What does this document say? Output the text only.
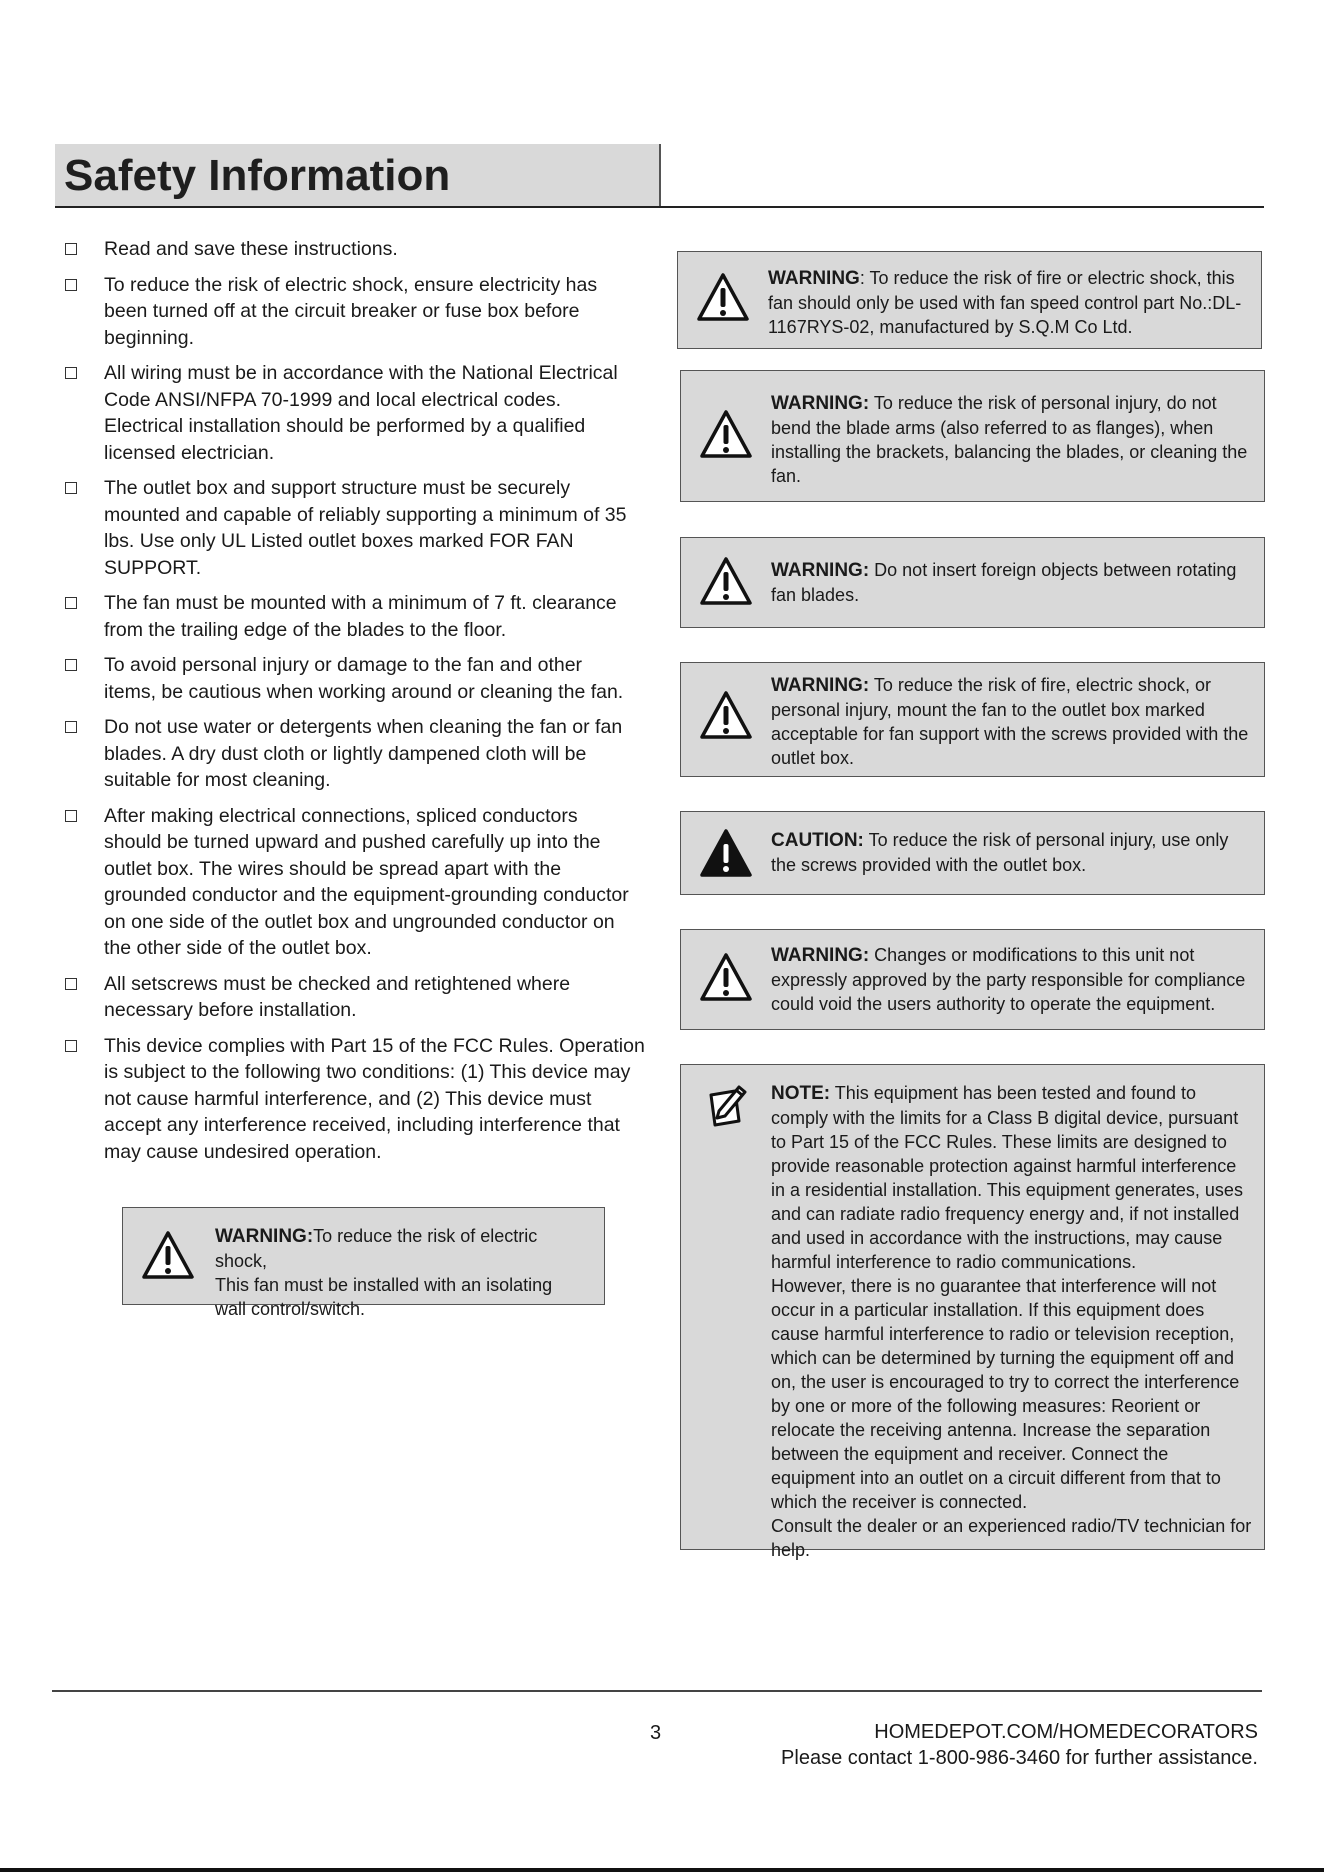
Safety Information
Read and save these instructions.
To reduce the risk of electric shock, ensure electricity has
been turned off at the circuit breaker or fuse box before
beginning.
All wiring must be in accordance with the National Electrical
Code ANSI/NFPA 70-1999 and local electrical codes.
Electrical installation should be performed by a qualified
licensed electrician.
The outlet box and support structure must be securely
mounted and capable of reliably supporting a minimum of 35
lbs. Use only UL Listed outlet boxes marked FOR FAN
SUPPORT.
The fan must be mounted with a minimum of 7 ft. clearance
from the trailing edge of the blades to the floor.
To avoid personal injury or damage to the fan and other
items, be cautious when working around or cleaning the fan.
Do not use water or detergents when cleaning the fan or fan
blades. A dry dust cloth or lightly dampened cloth will be
suitable for most cleaning.
After making electrical connections, spliced conductors
should be turned upward and pushed carefully up into the
outlet box. The wires should be spread apart with the
grounded conductor and the equipment-grounding conductor
on one side of the outlet box and ungrounded conductor on
the other side of the outlet box.
All setscrews must be checked and retightened where
necessary before installation.
This device complies with Part 15 of the FCC Rules. Operation
is subject to the following two conditions: (1) This device may
not cause harmful interference, and (2) This device must
accept any interference received, including interference that
may cause undesired operation.
WARNING:To reduce the risk of electric shock,
This fan must be installed with an isolating
wall control/switch.
WARNING: To reduce the risk of fire or electric shock, this fan should only be used with fan speed control part No.:DL-1167RYS-02, manufactured by S.Q.M Co Ltd.
WARNING: To reduce the risk of personal injury, do not bend the blade arms (also referred to as flanges), when installing the brackets, balancing the blades, or cleaning the fan.
WARNING: Do not insert foreign objects between rotating fan blades.
WARNING: To reduce the risk of fire, electric shock, or personal injury, mount the fan to the outlet box marked acceptable for fan support with the screws provided with the outlet box.
CAUTION: To reduce the risk of personal injury, use only the screws provided with the outlet box.
WARNING: Changes or modifications to this unit not expressly approved by the party responsible for compliance could void the users authority to operate the equipment.
NOTE: This equipment has been tested and found to comply with the limits for a Class B digital device, pursuant to Part 15 of the FCC Rules. These limits are designed to provide reasonable protection against harmful interference in a residential installation. This equipment generates, uses and can radiate radio frequency energy and, if not installed and used in accordance with the instructions, may cause harmful interference to radio communications.
However, there is no guarantee that interference will not occur in a particular installation. If this equipment does cause harmful interference to radio or television reception, which can be determined by turning the equipment off and on, the user is encouraged to try to correct the interference by one or more of the following measures: Reorient or relocate the receiving antenna. Increase the separation between the equipment and receiver. Connect the equipment into an outlet on a circuit different from that to which the receiver is connected.
Consult the dealer or an experienced radio/TV technician for help.
3	HOMEDEPOT.COM/HOMEDECORATORS
Please contact 1-800-986-3460 for further assistance.
